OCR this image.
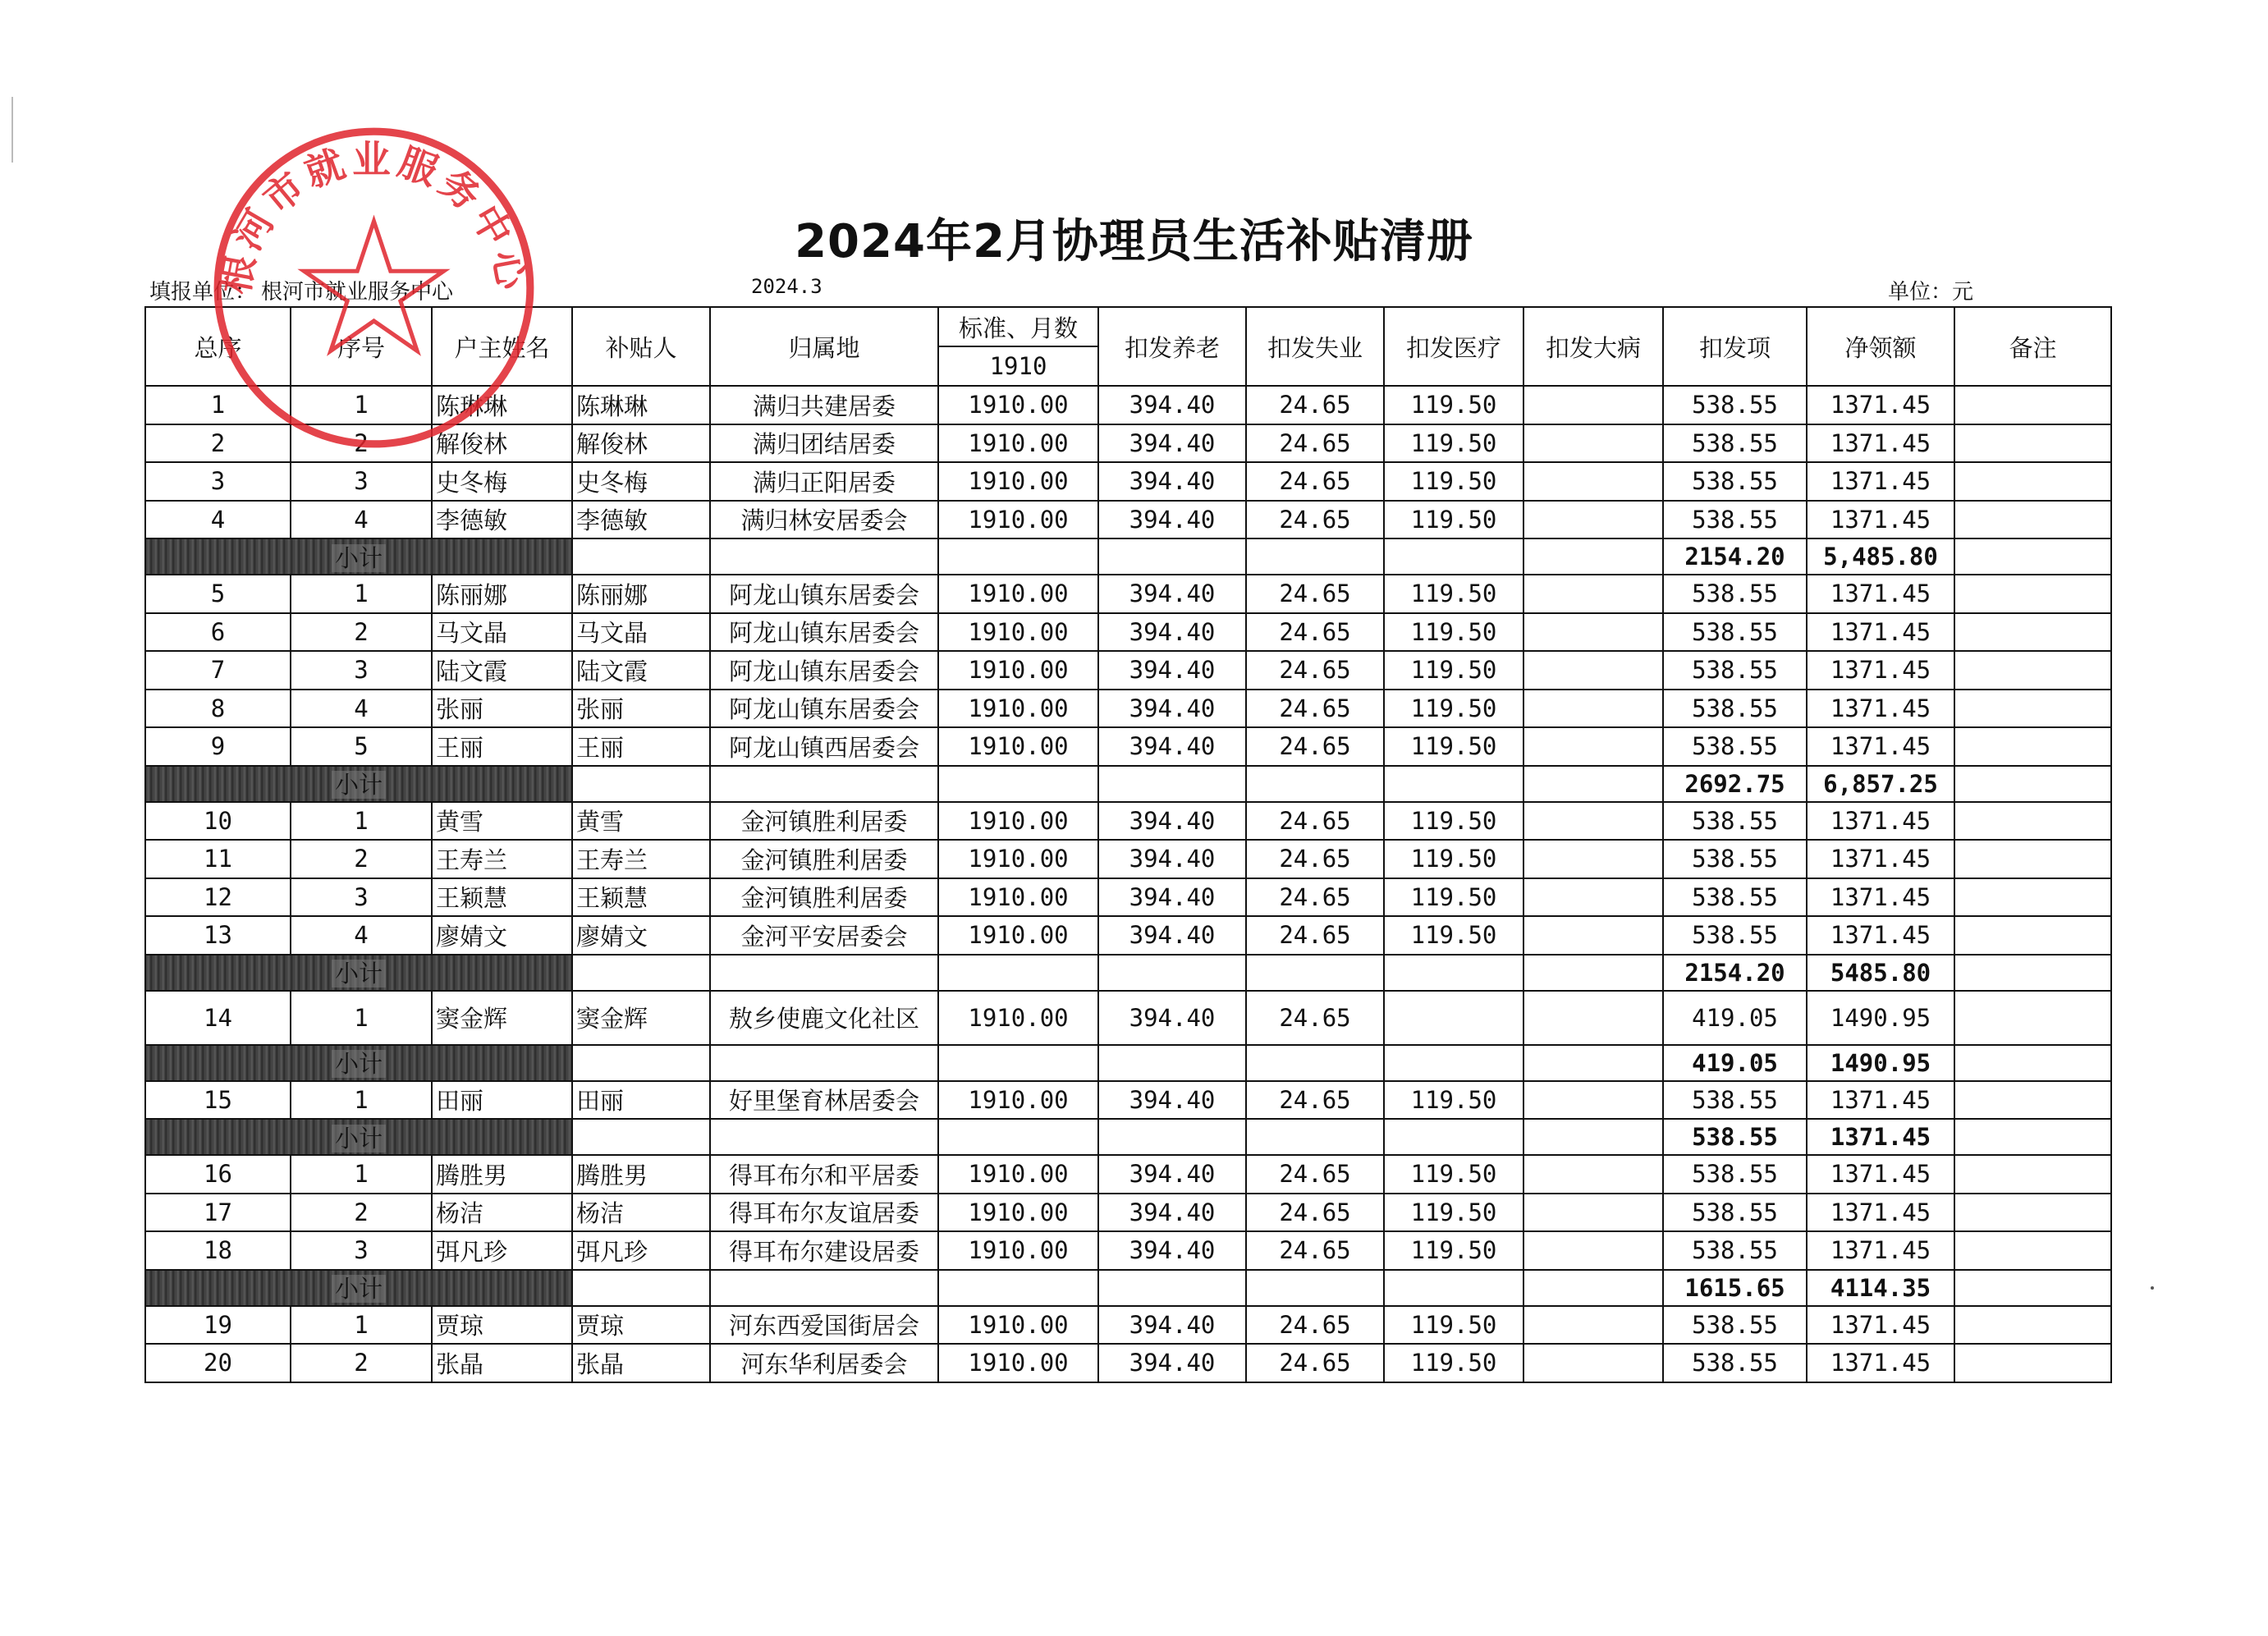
2024年2月协理员生活补贴清册
填报单位： 根河市就业服务中心	2024.3	单位：元
总序	序号	户主姓名	补贴人	归属地	标准、月数	扣发养老	扣发失业	扣发医疗	扣发大病	扣发项	净领额	备注
					1910							
1	1	陈琳琳	陈琳琳	满归共建居委	1910.00	394.40	24.65	119.50		538.55	1371.45	
2	2	解俊林	解俊林	满归团结居委	1910.00	394.40	24.65	119.50		538.55	1371.45	
3	3	史冬梅	史冬梅	满归正阳居委	1910.00	394.40	24.65	119.50		538.55	1371.45	
4	4	李德敏	李德敏	满归林安居委会	1910.00	394.40	24.65	119.50		538.55	1371.45	
小计										2154.20	5,485.80	
5	1	陈丽娜	陈丽娜	阿龙山镇东居委会	1910.00	394.40	24.65	119.50		538.55	1371.45	
6	2	马文晶	马文晶	阿龙山镇东居委会	1910.00	394.40	24.65	119.50		538.55	1371.45	
7	3	陆文霞	陆文霞	阿龙山镇东居委会	1910.00	394.40	24.65	119.50		538.55	1371.45	
8	4	张丽	张丽	阿龙山镇东居委会	1910.00	394.40	24.65	119.50		538.55	1371.45	
9	5	王丽	王丽	阿龙山镇西居委会	1910.00	394.40	24.65	119.50		538.55	1371.45	
小计										2692.75	6,857.25	
10	1	黄雪	黄雪	金河镇胜利居委	1910.00	394.40	24.65	119.50		538.55	1371.45	
11	2	王寿兰	王寿兰	金河镇胜利居委	1910.00	394.40	24.65	119.50		538.55	1371.45	
12	3	王颖慧	王颖慧	金河镇胜利居委	1910.00	394.40	24.65	119.50		538.55	1371.45	
13	4	廖婧文	廖婧文	金河平安居委会	1910.00	394.40	24.65	119.50		538.55	1371.45	
小计										2154.20	5485.80	
14	1	窦金辉	窦金辉	敖乡使鹿文化社区	1910.00	394.40	24.65			419.05	1490.95	
小计										419.05	1490.95	
15	1	田丽	田丽	好里堡育林居委会	1910.00	394.40	24.65	119.50		538.55	1371.45	
小计										538.55	1371.45	
16	1	腾胜男	腾胜男	得耳布尔和平居委	1910.00	394.40	24.65	119.50		538.55	1371.45	
17	2	杨洁	杨洁	得耳布尔友谊居委	1910.00	394.40	24.65	119.50		538.55	1371.45	
18	3	弭凡珍	弭凡珍	得耳布尔建设居委	1910.00	394.40	24.65	119.50		538.55	1371.45	
小计										1615.65	4114.35	
19	1	贾琼	贾琼	河东西爱国街居会	1910.00	394.40	24.65	119.50		538.55	1371.45	
20	2	张晶	张晶	河东华利居委会	1910.00	394.40	24.65	119.50		538.55	1371.45	
根河市就业服务中心
